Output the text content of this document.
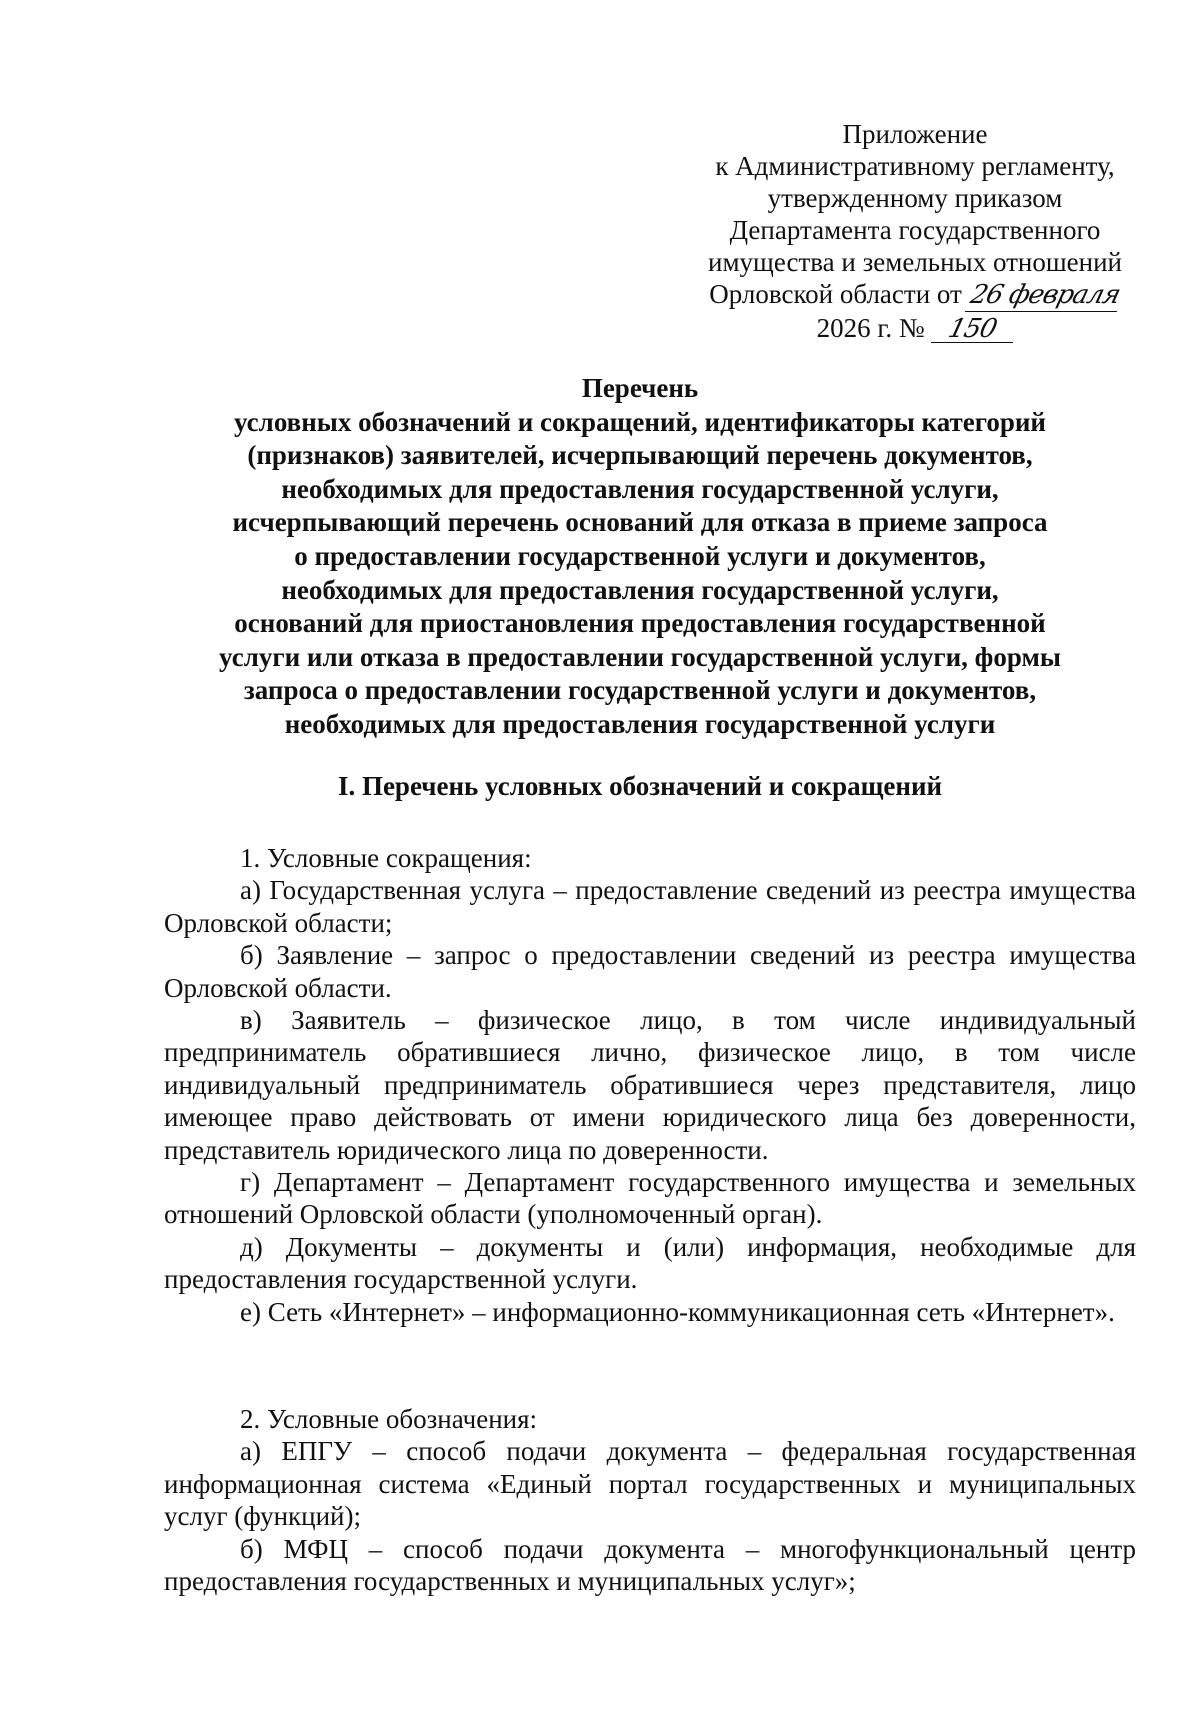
Приложение
к Административному регламенту,
утвержденному приказом
Департамента государственного
имущества и земельных отношений
Орловской области от 26 февраля
2026 г. № 150
Перечень
условных обозначений и сокращений, идентификаторы категорий
(признаков) заявителей, исчерпывающий перечень документов,
необходимых для предоставления государственной услуги,
исчерпывающий перечень оснований для отказа в приеме запроса
о предоставлении государственной услуги и документов,
необходимых для предоставления государственной услуги,
оснований для приостановления предоставления государственной
услуги или отказа в предоставлении государственной услуги, формы
запроса о предоставлении государственной услуги и документов,
необходимых для предоставления государственной услуги
I. Перечень условных обозначений и сокращений

1. Условные сокращения:

а) Государственная услуга – предоставление сведений из реестра имущества Орловской области;

б) Заявление – запрос о предоставлении сведений из реестра имущества Орловской области.

в) Заявитель – физическое лицо, в том числе индивидуальный предприниматель обратившиеся лично, физическое лицо, в том числе индивидуальный предприниматель обратившиеся через представителя, лицо имеющее право действовать от имени юридического лица без доверенности, представитель юридического лица по доверенности.

г) Департамент – Департамент государственного имущества и земельных отношений Орловской области (уполномоченный орган).

д) Документы – документы и (или) информация, необходимые для предоставления государственной услуги.

е) Сеть «Интернет» – информационно-коммуникационная сеть «Интернет».

2. Условные обозначения:

а) ЕПГУ – способ подачи документа – федеральная государственная информационная система «Единый портал государственных и муниципальных услуг (функций);

б) МФЦ – способ подачи документа – многофункциональный центр предоставления государственных и муниципальных услуг»;
